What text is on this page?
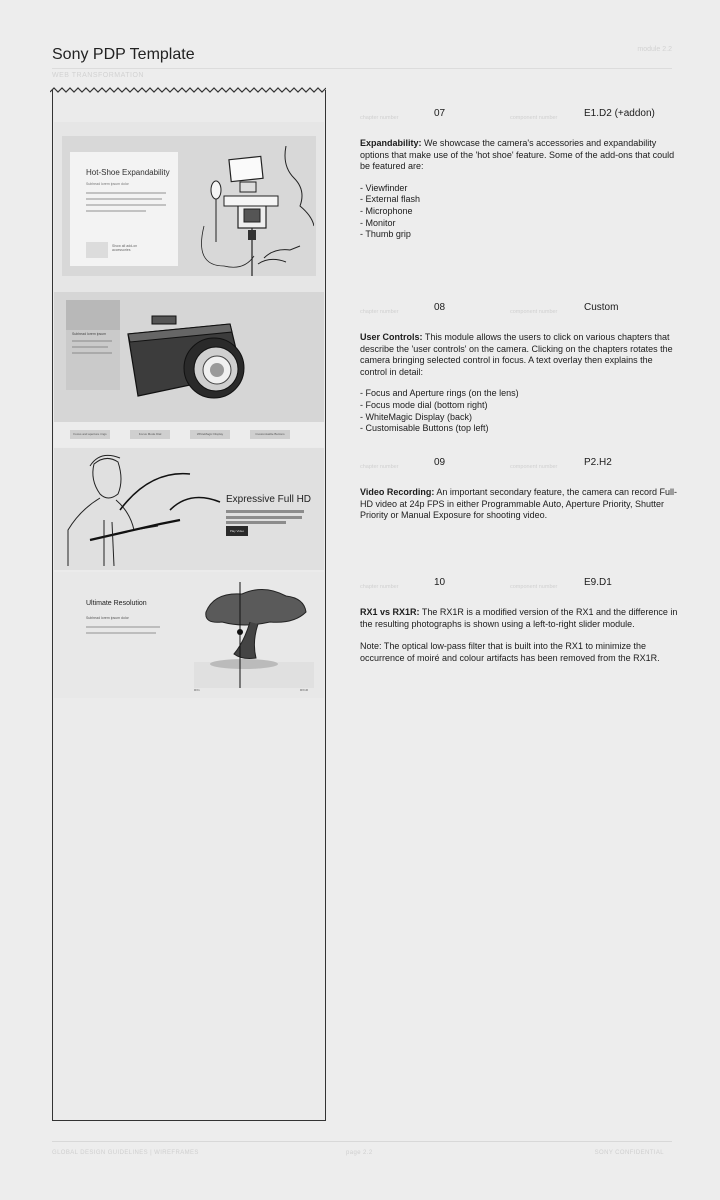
Sony PDP Template	module 2.2
WEB TRANSFORMATION
Hot-Shoe Expandability
Subhead lorem ipsum dolor
Show all add-on accessories
Subhead lorem ipsum
Focus and aperture rings	Focus Mode Dial	WhiteMagic Display	Customisable Buttons
Expressive Full HD
Play Video
Ultimate Resolution
Subhead lorem ipsum dolor
RX1	RX1R
chapter number	07	component number	E1.D2 (+addon)

Expandability: We showcase the camera's accessories and expandability options that make use of the 'hot shoe' feature. Some of the add-ons that could be featured are:

- Viewfinder
- External flash
- Microphone
- Monitor
- Thumb grip
chapter number	08	component number	Custom

User Controls: This module allows the users to click on various chapters that describe the 'user controls' on the camera. Clicking on the chapters rotates the camera bringing selected control in focus. A text overlay then explains the control in detail:

- Focus and Aperture rings (on the lens)
- Focus mode dial (bottom right)
- WhiteMagic Display (back)
- Customisable Buttons (top left)
chapter number	09	component number	P2.H2

Video Recording: An important secondary feature, the camera can record Full-HD video at 24p FPS in either Programmable Auto, Aperture Priority, Shutter Priority or Manual Exposure for shooting video.

chapter number	10	component number	E9.D1

RX1 vs RX1R: The RX1R is a modified version of the RX1 and the difference in the resulting photographs is shown using a left-to-right slider module.

Note: The optical low-pass filter that is built into the RX1 to minimize the occurrence of moiré and colour artifacts has been removed from the RX1R.

GLOBAL DESIGN GUIDELINES | WIREFRAMES	page 2.2	SONY CONFIDENTIAL
